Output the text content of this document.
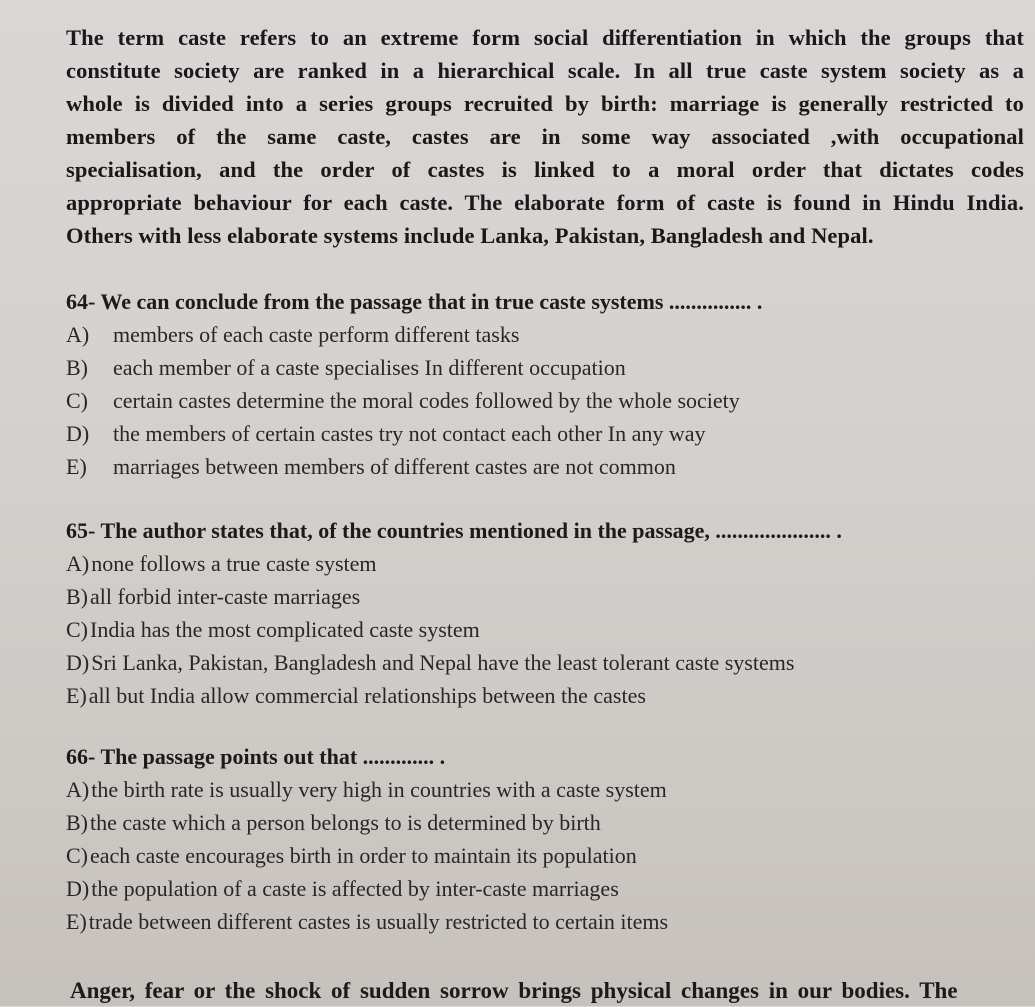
The term caste refers to an extreme form social differentiation in which the groups that
constitute society are ranked in a hierarchical scale. In all true caste system society as a
whole is divided into a series groups recruited by birth: marriage is generally restricted to
members of the same caste, castes are in some way associated ,with occupational
specialisation, and the order of castes is linked to a moral order that dictates codes
appropriate behaviour for each caste. The elaborate form of caste is found in Hindu India.
Others with less elaborate systems include Lanka, Pakistan, Bangladesh and Nepal.
64- We can conclude from the passage that in true caste systems ............... .
A)	members of each caste perform different tasks
B)	each member of a caste specialises In different occupation
C)	certain castes determine the moral codes followed by the whole society
D)	the members of certain castes try not contact each other In any way
E)	marriages between members of different castes are not common
65- The author states that, of the countries mentioned in the passage, ..................... .
A) none follows a true caste system
B) all forbid inter-caste marriages
C) India has the most complicated caste system
D) Sri Lanka, Pakistan, Bangladesh and Nepal have the least tolerant caste systems
E) all but India allow commercial relationships between the castes
66- The passage points out that ............. .
A) the birth rate is usually very high in countries with a caste system
B) the caste which a person belongs to is determined by birth
C) each caste encourages birth in order to maintain its population
D) the population of a caste is affected by inter-caste marriages
E) trade between different castes is usually restricted to certain items
Anger, fear or the shock of sudden sorrow brings physical changes in our bodies. The
